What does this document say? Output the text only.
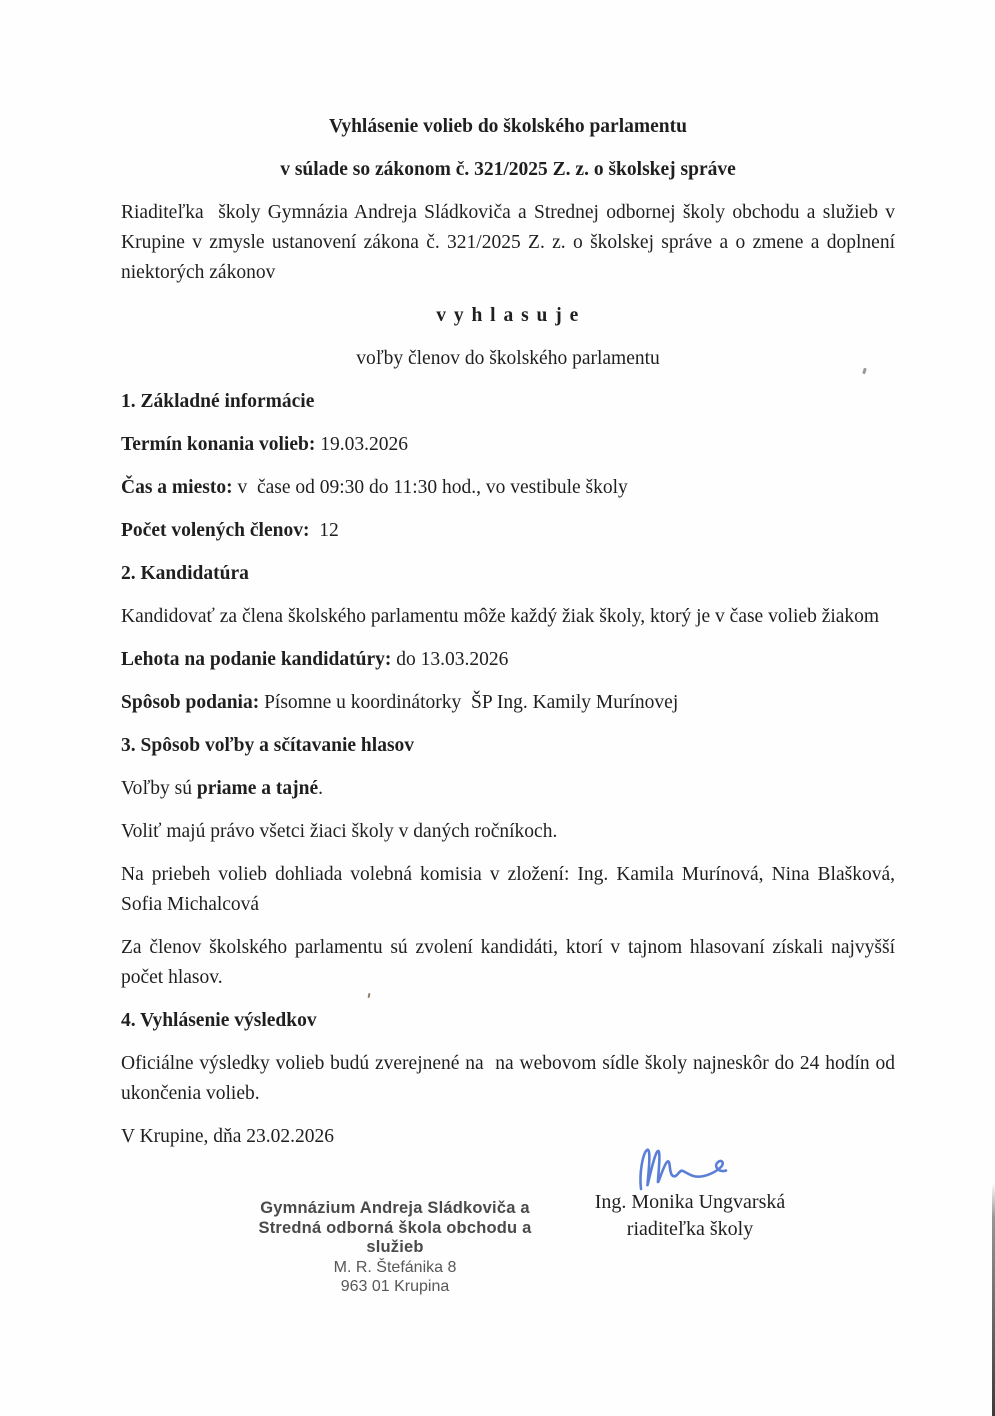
Vyhlásenie volieb do školského parlamentu

v súlade so zákonom č. 321/2025 Z. z. o školskej správe

Riaditeľka  školy Gymnázia Andreja Sládkoviča a Strednej odbornej školy obchodu a služieb v Krupine v zmysle ustanovení zákona č. 321/2025 Z. z. o školskej správe a o zmene a doplnení niektorých zákonov

v y h l a s u j e

voľby členov do školského parlamentu

1. Základné informácie

Termín konania volieb: 19.03.2026

Čas a miesto: v  čase od 09:30 do 11:30 hod., vo vestibule školy

Počet volených členov:  12

2. Kandidatúra

Kandidovať za člena školského parlamentu môže každý žiak školy, ktorý je v čase volieb žiakom

Lehota na podanie kandidatúry: do 13.03.2026

Spôsob podania: Písomne u koordinátorky  ŠP Ing. Kamily Murínovej

3. Spôsob voľby a sčítavanie hlasov

Voľby sú priame a tajné.

Voliť majú právo všetci žiaci školy v daných ročníkoch.

Na priebeh volieb dohliada volebná komisia v zložení: Ing. Kamila Murínová, Nina Blašková, Sofia Michalcová

Za členov školského parlamentu sú zvolení kandidáti, ktorí v tajnom hlasovaní získali najvyšší počet hlasov.

4. Vyhlásenie výsledkov

Oficiálne výsledky volieb budú zverejnené na  na webovom sídle školy najneskôr do 24 hodín od ukončenia volieb.

V Krupine, dňa 23.02.2026

Ing. Monika Ungvarská
riaditeľka školy
Gymnázium Andreja Sládkoviča a
Stredná odborná škola obchodu a služieb
M. R. Štefánika 8
963 01 Krupina
